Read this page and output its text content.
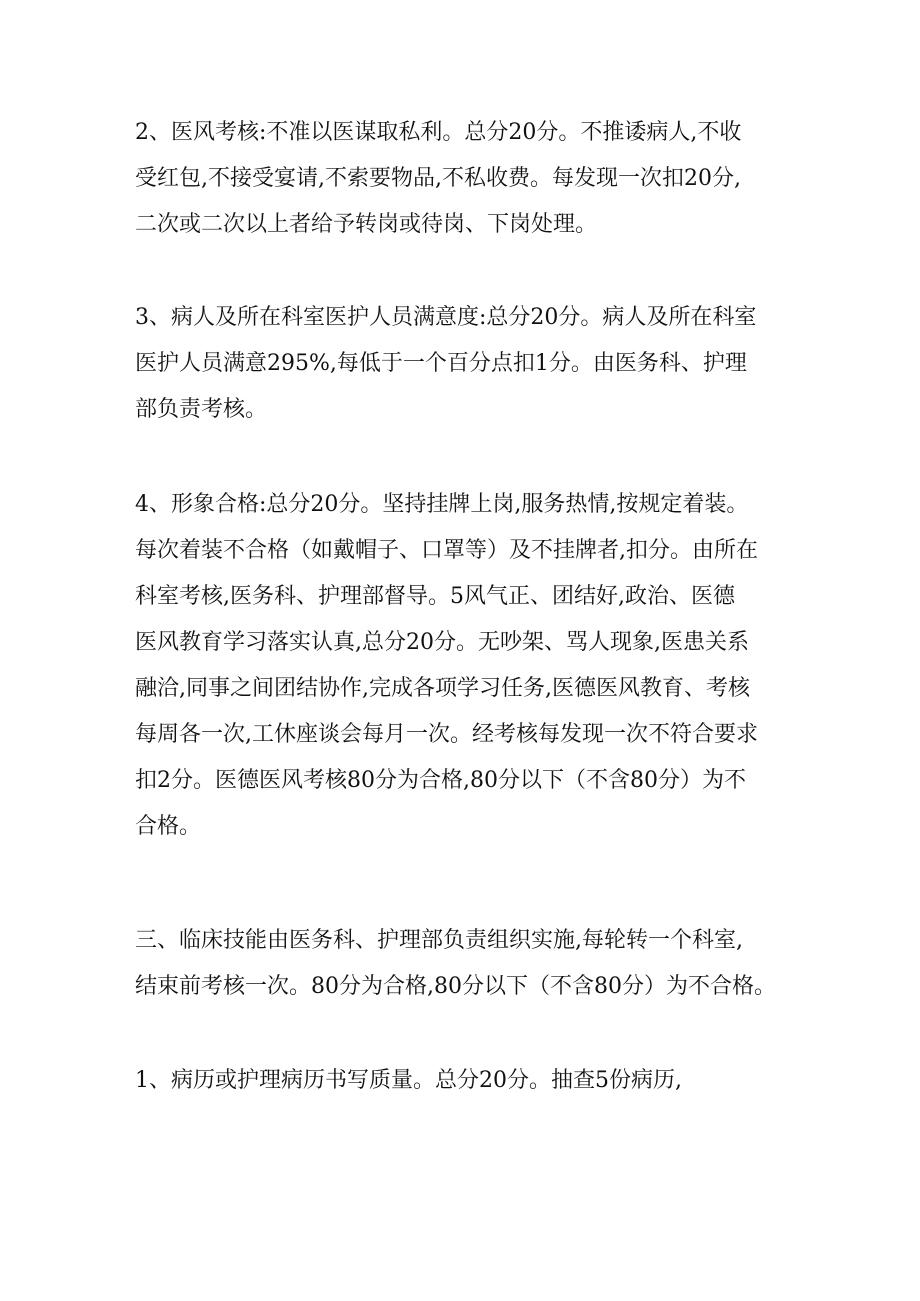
2、医风考核:不准以医谋取私利。总分20分。不推诿病人,不收
受红包,不接受宴请,不索要物品,不私收费。每发现一次扣20分,
二次或二次以上者给予转岗或待岗、下岗处理。
3、病人及所在科室医护人员满意度:总分20分。病人及所在科室
医护人员满意295%,每低于一个百分点扣1分。由医务科、护理
部负责考核。
4、形象合格:总分20分。坚持挂牌上岗,服务热情,按规定着装。
每次着装不合格（如戴帽子、口罩等）及不挂牌者,扣分。由所在
科室考核,医务科、护理部督导。5风气正、团结好,政治、医德
医风教育学习落实认真,总分20分。无吵架、骂人现象,医患关系
融洽,同事之间团结协作,完成各项学习任务,医德医风教育、考核
每周各一次,工休座谈会每月一次。经考核每发现一次不符合要求
扣2分。医德医风考核80分为合格,80分以下（不含80分）为不
合格。
三、临床技能由医务科、护理部负责组织实施,每轮转一个科室,
结束前考核一次。80分为合格,80分以下（不含80分）为不合格。
1、病历或护理病历书写质量。总分20分。抽查5份病历,
